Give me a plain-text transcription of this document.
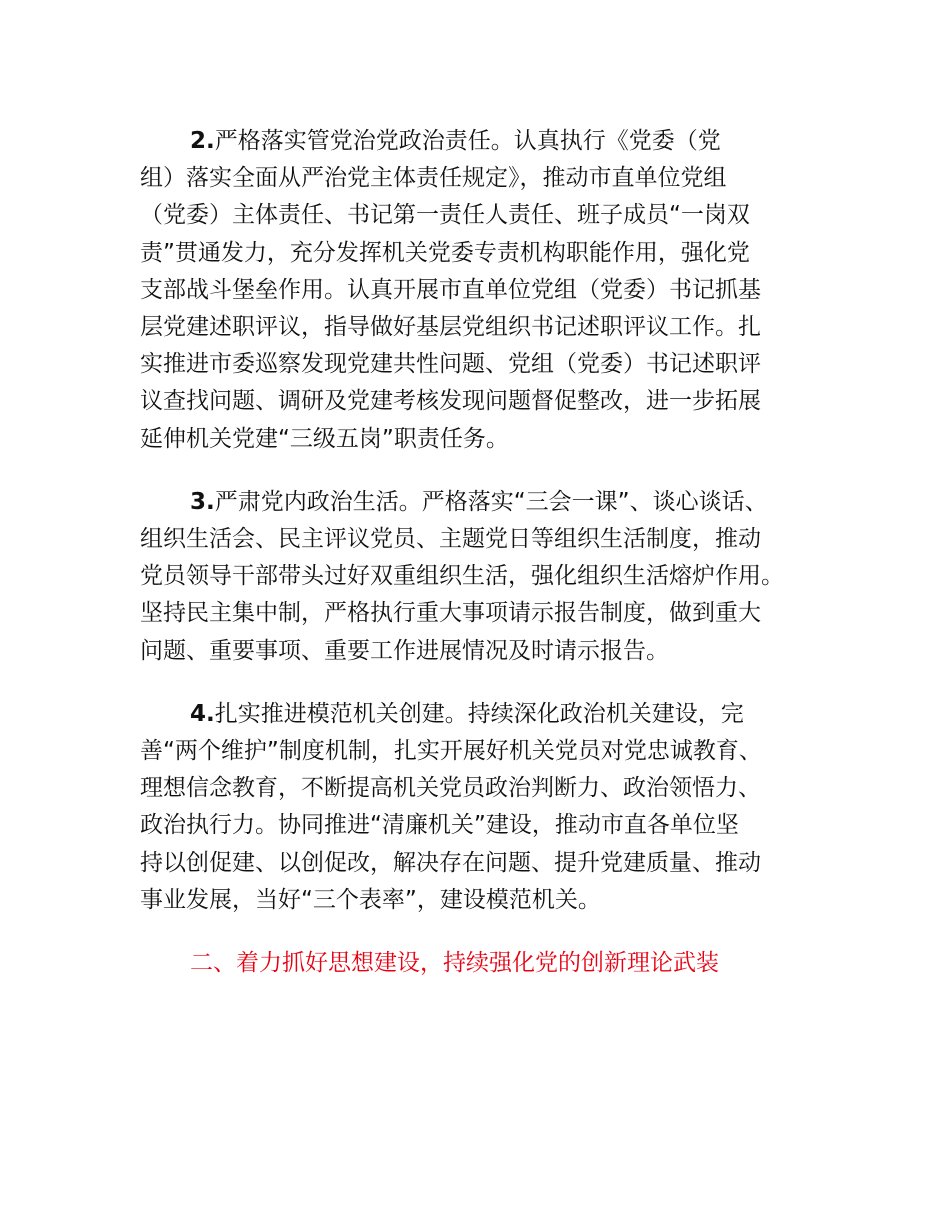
2.严格落实管党治党政治责任。认真执行《党委（党
组）落实全面从严治党主体责任规定》，推动市直单位党组
（党委）主体责任、书记第一责任人责任、班子成员“一岗双
责”贯通发力，充分发挥机关党委专责机构职能作用，强化党
支部战斗堡垒作用。认真开展市直单位党组（党委）书记抓基
层党建述职评议，指导做好基层党组织书记述职评议工作。扎
实推进市委巡察发现党建共性问题、党组（党委）书记述职评
议查找问题、调研及党建考核发现问题督促整改，进一步拓展
延伸机关党建“三级五岗”职责任务。
3.严肃党内政治生活。严格落实“三会一课”、谈心谈话、
组织生活会、民主评议党员、主题党日等组织生活制度，推动
党员领导干部带头过好双重组织生活，强化组织生活熔炉作用。
坚持民主集中制，严格执行重大事项请示报告制度，做到重大
问题、重要事项、重要工作进展情况及时请示报告。
4.扎实推进模范机关创建。持续深化政治机关建设，完
善“两个维护”制度机制，扎实开展好机关党员对党忠诚教育、
理想信念教育，不断提高机关党员政治判断力、政治领悟力、
政治执行力。协同推进“清廉机关”建设，推动市直各单位坚
持以创促建、以创促改，解决存在问题、提升党建质量、推动
事业发展，当好“三个表率”，建设模范机关。
二、着力抓好思想建设，持续强化党的创新理论武装
